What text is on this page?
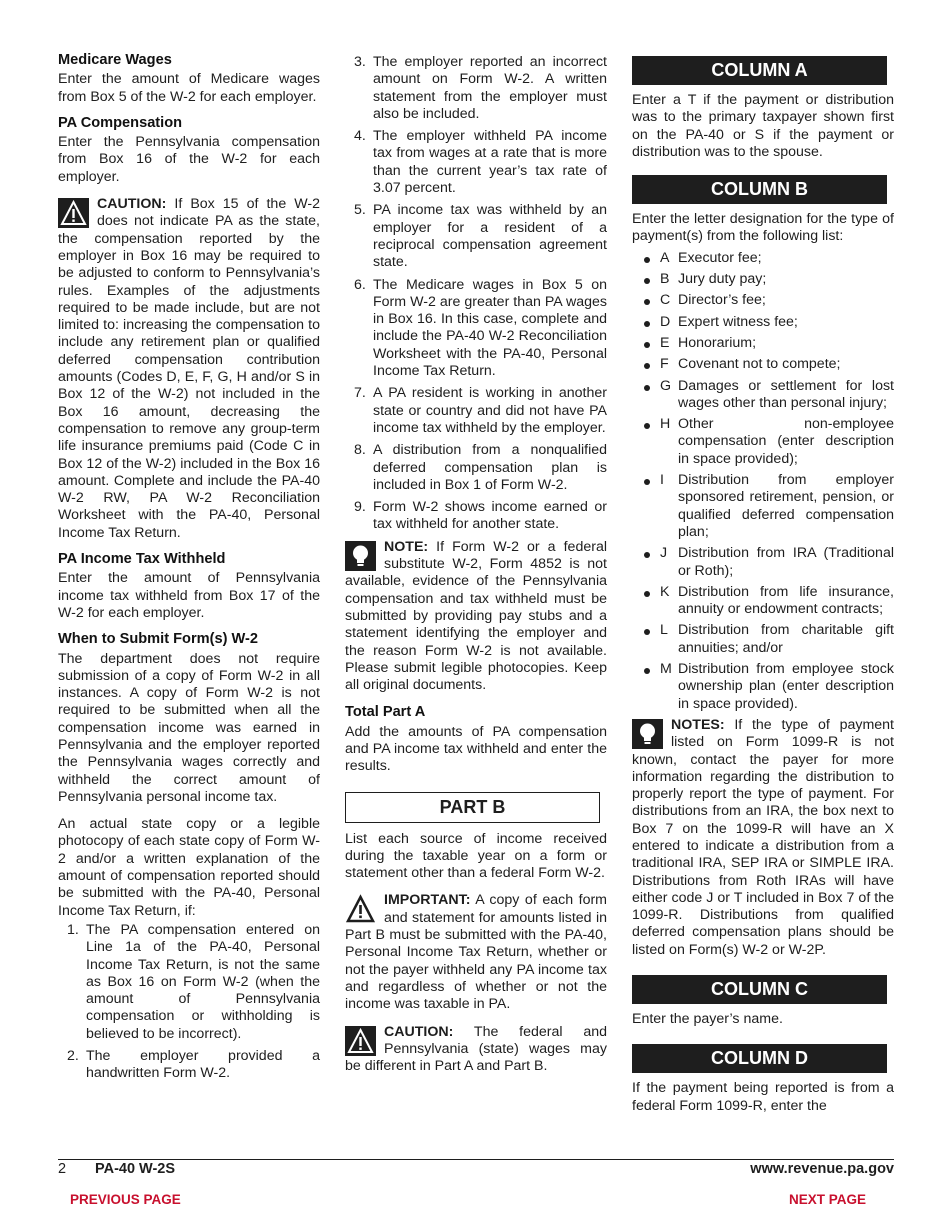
Medicare Wages
Enter the amount of Medicare wages from Box 5 of the W-2 for each employer.
PA Compensation
Enter the Pennsylvania compensation from Box 16 of the W-2 for each employer.
CAUTION: If Box 15 of the W-2 does not indicate PA as the state, the compensation reported by the employer in Box 16 may be required to be adjusted to conform to Pennsylvania’s rules. Examples of the adjustments required to be made include, but are not limited to: increasing the compensation to include any retirement plan or qualified deferred compensation contribution amounts (Codes D, E, F, G, H and/or S in Box 12 of the W-2) not included in the Box 16 amount, decreasing the compensation to remove any group-term life insurance premiums paid (Code C in Box 12 of the W-2) included in the Box 16 amount. Complete and include the PA-40 W-2 RW, PA W-2 Reconciliation Worksheet with the PA-40, Personal Income Tax Return.
PA Income Tax Withheld
Enter the amount of Pennsylvania income tax withheld from Box 17 of the W-2 for each employer.
When to Submit Form(s) W-2
The department does not require submission of a copy of Form W-2 in all instances. A copy of Form W-2 is not required to be submitted when all the compensation income was earned in Pennsylvania and the employer reported the Pennsylvania wages correctly and withheld the correct amount of Pennsylvania personal income tax.
An actual state copy or a legible photocopy of each state copy of Form W-2 and/or a written explanation of the amount of compensation reported should be submitted with the PA-40, Personal Income Tax Return, if:
1. The PA compensation entered on Line 1a of the PA-40, Personal Income Tax Return, is not the same as Box 16 on Form W-2 (when the amount of Pennsylvania compensation or withholding is believed to be incorrect).
2. The employer provided a handwritten Form W-2.
3. The employer reported an incorrect amount on Form W-2. A written statement from the employer must also be included.
4. The employer withheld PA income tax from wages at a rate that is more than the current year’s tax rate of 3.07 percent.
5. PA income tax was withheld by an employer for a resident of a reciprocal compensation agreement state.
6. The Medicare wages in Box 5 on Form W-2 are greater than PA wages in Box 16. In this case, complete and include the PA-40 W-2 Reconciliation Worksheet with the PA-40, Personal Income Tax Return.
7. A PA resident is working in another state or country and did not have PA income tax withheld by the employer.
8. A distribution from a nonqualified deferred compensation plan is included in Box 1 of Form W-2.
9. Form W-2 shows income earned or tax withheld for another state.
NOTE: If Form W-2 or a federal substitute W-2, Form 4852 is not available, evidence of the Pennsylvania compensation and tax withheld must be submitted by providing pay stubs and a statement identifying the employer and the reason Form W-2 is not available. Please submit legible photocopies. Keep all original documents.
Total Part A
Add the amounts of PA compensation and PA income tax withheld and enter the results.
PART B
List each source of income received during the taxable year on a form or statement other than a federal Form W-2.
IMPORTANT: A copy of each form and statement for amounts listed in Part B must be submitted with the PA-40, Personal Income Tax Return, whether or not the payer withheld any PA income tax and regardless of whether or not the income was taxable in PA.
CAUTION: The federal and Pennsylvania (state) wages may be different in Part A and Part B.
COLUMN A
Enter a T if the payment or distribution was to the primary taxpayer shown first on the PA-40 or S if the payment or distribution was to the spouse.
COLUMN B
Enter the letter designation for the type of payment(s) from the following list:
A Executor fee;
B Jury duty pay;
C Director’s fee;
D Expert witness fee;
E Honorarium;
F Covenant not to compete;
G Damages or settlement for lost wages other than personal injury;
H Other non-employee compensation (enter description in space provided);
I Distribution from employer sponsored retirement, pension, or qualified deferred compensation plan;
J Distribution from IRA (Traditional or Roth);
K Distribution from life insurance, annuity or endowment contracts;
L Distribution from charitable gift annuities; and/or
M Distribution from employee stock ownership plan (enter description in space provided).
NOTES: If the type of payment listed on Form 1099-R is not known, contact the payer for more information regarding the distribution to properly report the type of payment. For distributions from an IRA, the box next to Box 7 on the 1099-R will have an X entered to indicate a distribution from a traditional IRA, SEP IRA or SIMPLE IRA. Distributions from Roth IRAs will have either code J or T included in Box 7 of the 1099-R. Distributions from qualified deferred compensation plans should be listed on Form(s) W-2 or W-2P.
COLUMN C
Enter the payer’s name.
COLUMN D
If the payment being reported is from a federal Form 1099-R, enter the
2 PA-40 W-2S	www.revenue.pa.gov
PREVIOUS PAGE	NEXT PAGE
